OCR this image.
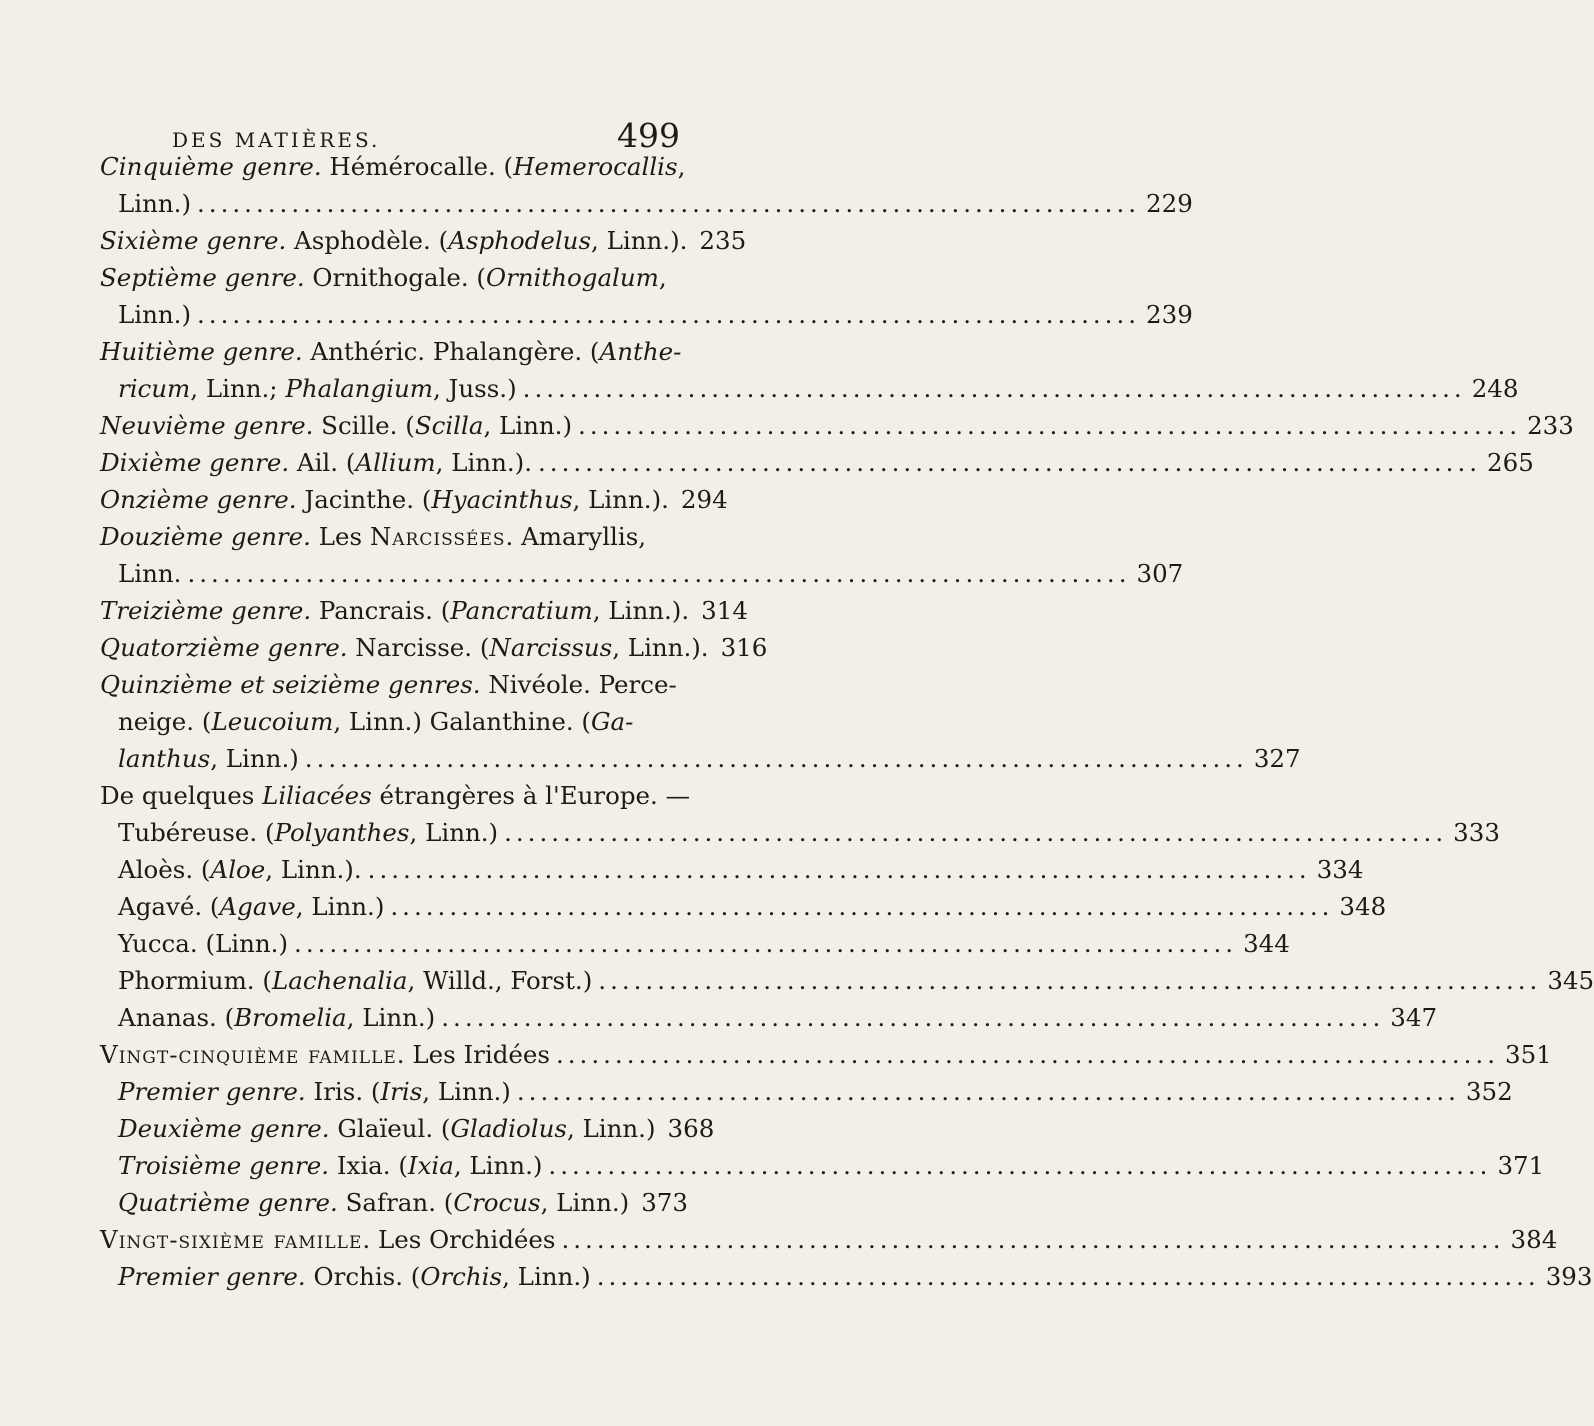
DES MATIÈRES.	499
Cinquième genre. Hémérocalle. (Hemerocallis,
Linn.) ................................................................................ 229
Sixième genre. Asphodèle. (Asphodelus, Linn.). 235
Septième genre. Ornithogale. (Ornithogalum,
Linn.) ................................................................................ 239
Huitième genre. Anthéric. Phalangère. (Anthe-
ricum, Linn.; Phalangium, Juss.) ................................................................................ 248
Neuvième genre. Scille. (Scilla, Linn.) ................................................................................ 233
Dixième genre. Ail. (Allium, Linn.). ................................................................................ 265
Onzième genre. Jacinthe. (Hyacinthus, Linn.). 294
Douzième genre. Les Narcissées. Amaryllis,
Linn. ................................................................................ 307
Treizième genre. Pancrais. (Pancratium, Linn.). 314
Quatorzième genre. Narcisse. (Narcissus, Linn.). 316
Quinzième et seizième genres. Nivéole. Perce-
neige. (Leucoium, Linn.) Galanthine. (Ga-
lanthus, Linn.) ................................................................................ 327
De quelques Liliacées étrangères à l'Europe. —
Tubéreuse. (Polyanthes, Linn.) ................................................................................ 333
Aloès. (Aloe, Linn.). ................................................................................ 334
Agavé. (Agave, Linn.) ................................................................................ 348
Yucca. (Linn.) ................................................................................ 344
Phormium. (Lachenalia, Willd., Forst.) ................................................................................ 345
Ananas. (Bromelia, Linn.) ................................................................................ 347
Vingt-cinquième famille. Les Iridées ................................................................................ 351
Premier genre. Iris. (Iris, Linn.) ................................................................................ 352
Deuxième genre. Glaïeul. (Gladiolus, Linn.) 368
Troisième genre. Ixia. (Ixia, Linn.) ................................................................................ 371
Quatrième genre. Safran. (Crocus, Linn.) 373
Vingt-sixième famille. Les Orchidées ................................................................................ 384
Premier genre. Orchis. (Orchis, Linn.) ................................................................................ 393
